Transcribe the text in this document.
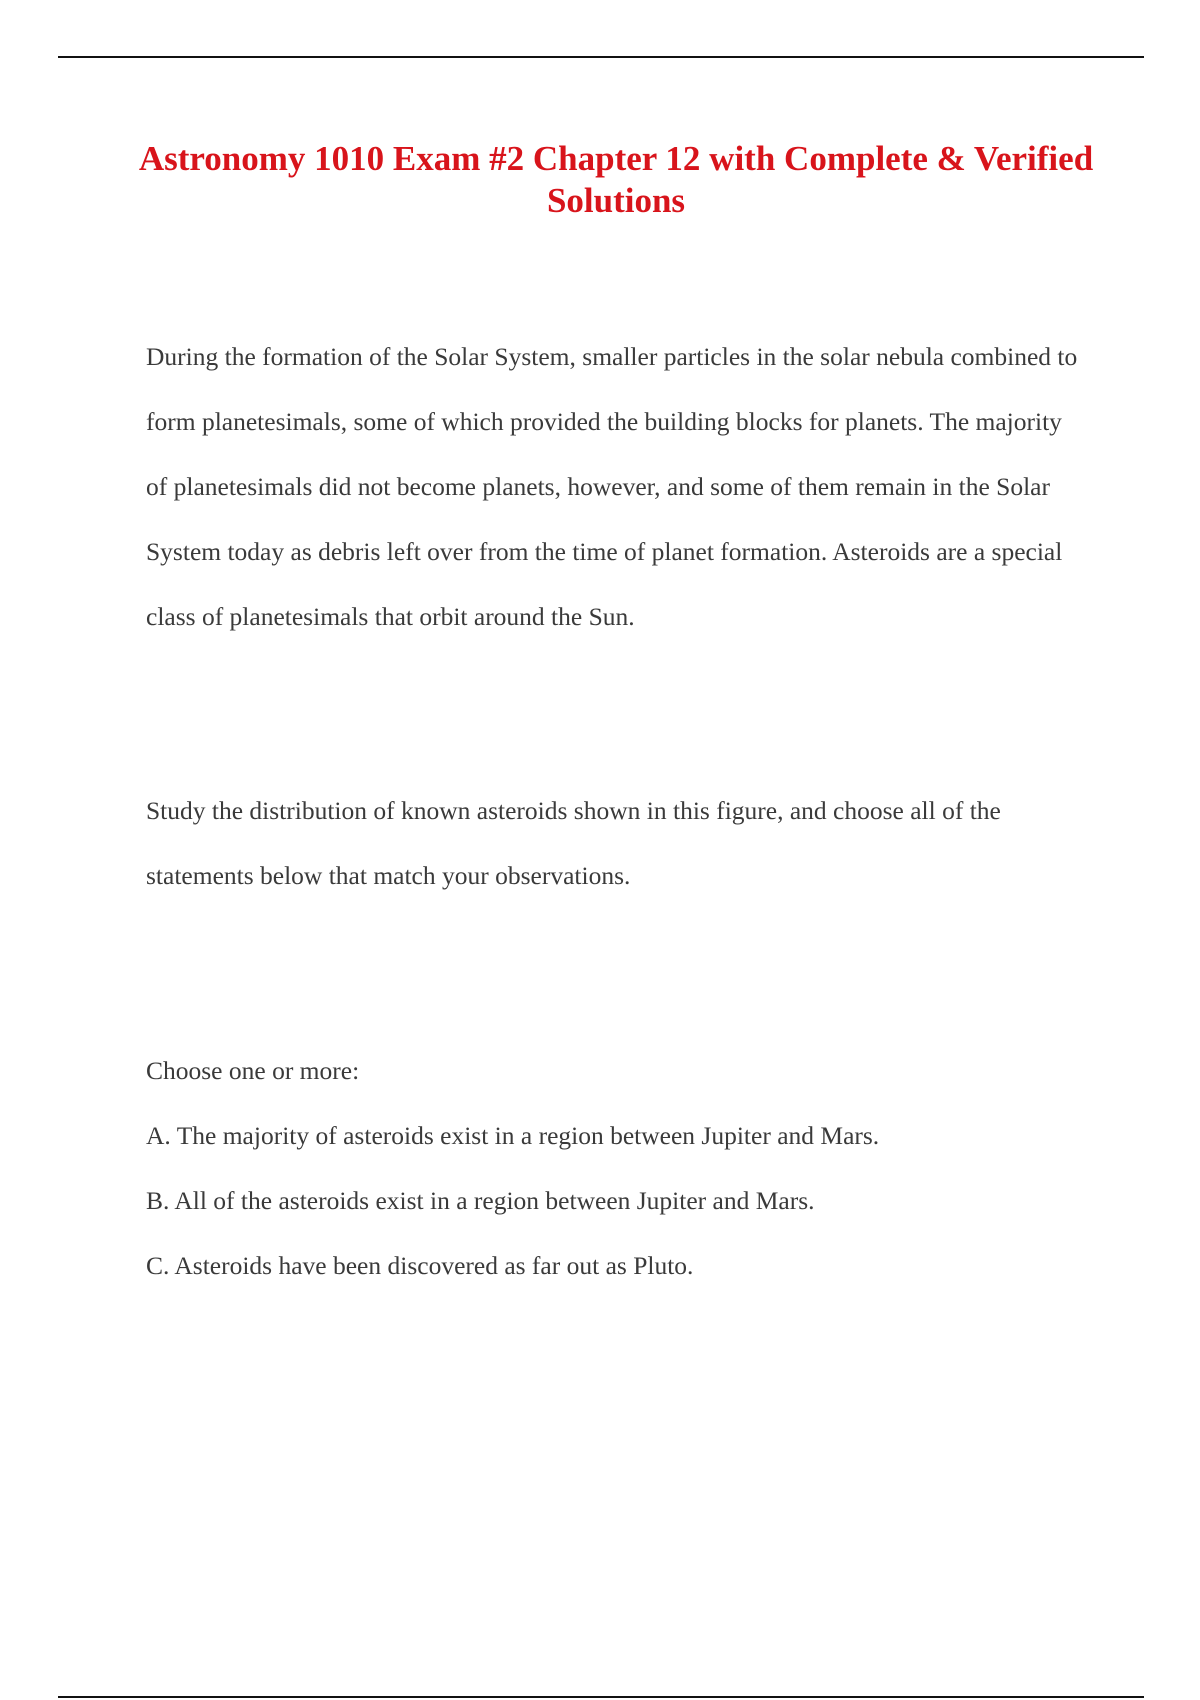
Astronomy 1010 Exam #2 Chapter 12 with Complete & Verified Solutions

During the formation of the Solar System, smaller particles in the solar nebula combined to form planetesimals, some of which provided the building blocks for planets. The majority of planetesimals did not become planets, however, and some of them remain in the Solar System today as debris left over from the time of planet formation. Asteroids are a special class of planetesimals that orbit around the Sun.

Study the distribution of known asteroids shown in this figure, and choose all of the statements below that match your observations.

Choose one or more:
A. The majority of asteroids exist in a region between Jupiter and Mars.
B. All of the asteroids exist in a region between Jupiter and Mars.
C. Asteroids have been discovered as far out as Pluto.
